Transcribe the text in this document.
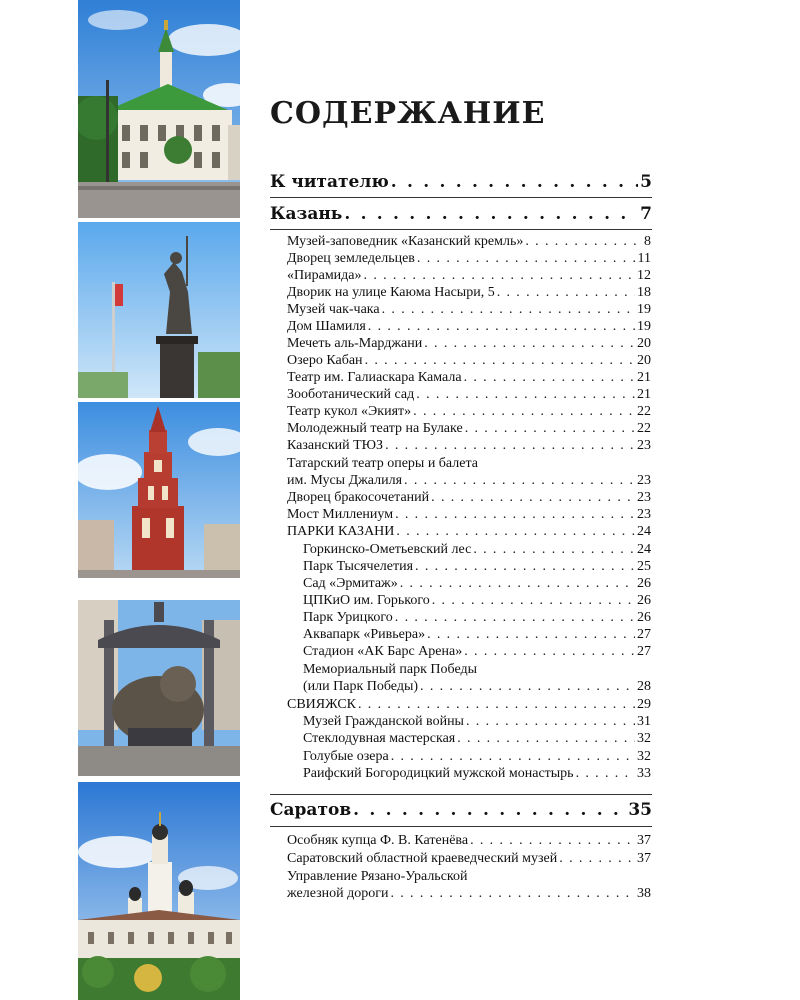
СОДЕРЖАНИЕ
К читателю . . .	5
Казань . . .	7
Музей-заповедник «Казанский кремль» . . .	8
Дворец земледельцев . . .	11
«Пирамида» . . .	12
Дворик на улице Каюма Насыри, 5 . . .	18
Музей чак-чака . . .	19
Дом Шамиля . . .	19
Мечеть аль-Марджани . . .	20
Озеро Кабан . . .	20
Театр им. Галиаскара Камала . . .	21
Зооботанический сад . . .	21
Театр кукол «Экият» . . .	22
Молодежный театр на Булаке . . .	22
Казанский ТЮЗ . . .	23
Татарский театр оперы и балета
им. Мусы Джалиля . . .	23
Дворец бракосочетаний . . .	23
Мост Миллениум . . .	23
ПАРКИ КАЗАНИ . . .	24
Горкинско-Ометьевский лес . . .	24
Парк Тысячелетия . . .	25
Сад «Эрмитаж» . . .	26
ЦПКиО им. Горького . . .	26
Парк Урицкого . . .	26
Аквапарк «Ривьера» . . .	27
Стадион «АК Барс Арена» . . .	27
Мемориальный парк Победы
(или Парк Победы) . . .	28
СВИЯЖСК . . .	29
Музей Гражданской войны . . .	31
Стеклодувная мастерская . . .	32
Голубые озера . . .	32
Раифский Богородицкий мужской монастырь . . .	33
Саратов . . .	35
Особняк купца Ф. В. Катенёва . . .	37
Саратовский областной краеведческий музей . . .	37
Управление Рязано-Уральской
железной дороги . . .	38
